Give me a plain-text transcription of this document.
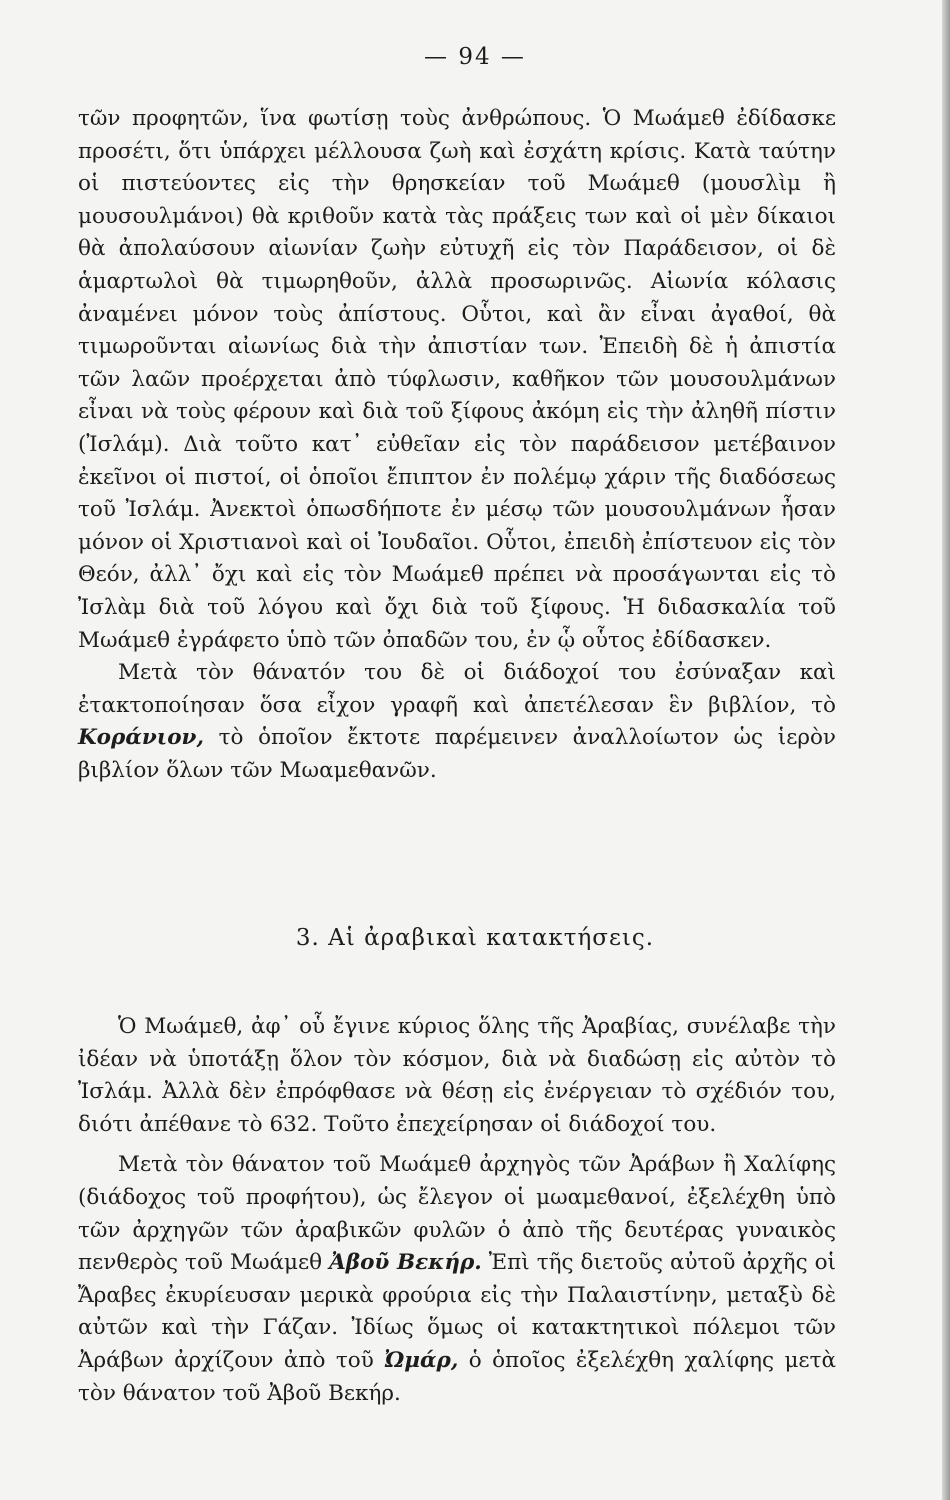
— 94 —

τῶν προφητῶν, ἵνα φωτίσῃ τοὺς ἀνθρώπους. Ὁ Μωάμεθ ἐδίδασκε προσέτι, ὅτι ὑπάρχει μέλλουσα ζωὴ καὶ ἐσχάτη κρίσις. Κατὰ ταύτην οἱ πιστεύοντες εἰς τὴν θρησκείαν τοῦ Μωάμεθ (μουσλὶμ ἢ μουσουλμάνοι) θὰ κριθοῦν κατὰ τὰς πράξεις των καὶ οἱ μὲν δίκαιοι θὰ ἀπολαύσουν αἰωνίαν ζωὴν εὐτυχῆ εἰς τὸν Παράδεισον, οἱ δὲ ἁμαρτωλοὶ θὰ τιμωρηθοῦν, ἀλλὰ προσωρινῶς. Αἰωνία κόλασις ἀναμένει μόνον τοὺς ἀπίστους. Οὗτοι, καὶ ἂν εἶναι ἀγαθοί, θὰ τιμωροῦνται αἰωνίως διὰ τὴν ἀπιστίαν των. Ἐπειδὴ δὲ ἡ ἀπιστία τῶν λαῶν προέρχεται ἀπὸ τύφλωσιν, καθῆκον τῶν μουσουλμάνων εἶναι νὰ τοὺς φέρουν καὶ διὰ τοῦ ξίφους ἀκόμη εἰς τὴν ἀληθῆ πίστιν (Ἰσλάμ). Διὰ τοῦτο κατ᾿ εὐθεῖαν εἰς τὸν παράδεισον μετέβαινον ἐκεῖνοι οἱ πιστοί, οἱ ὁποῖοι ἔπιπτον ἐν πολέμῳ χάριν τῆς διαδόσεως τοῦ Ἰσλάμ. Ἀνεκτοὶ ὁπωσδήποτε ἐν μέσῳ τῶν μουσουλμάνων ἦσαν μόνον οἱ Χριστιανοὶ καὶ οἱ Ἰουδαῖοι. Οὗτοι, ἐπειδὴ ἐπίστευον εἰς τὸν Θεόν, ἀλλ᾿ ὄχι καὶ εἰς τὸν Μωάμεθ πρέπει νὰ προσάγωνται εἰς τὸ Ἰσλὰμ διὰ τοῦ λόγου καὶ ὄχι διὰ τοῦ ξίφους. Ἡ διδασκαλία τοῦ Μωάμεθ ἐγράφετο ὑπὸ τῶν ὀπαδῶν του, ἐν ᾧ οὗτος ἐδίδασκεν.

Μετὰ τὸν θάνατόν του δὲ οἱ διάδοχοί του ἐσύναξαν καὶ ἐτακτοποίησαν ὅσα εἶχον γραφῆ καὶ ἀπετέλεσαν ἓν βιβλίον, τὸ Κοράνιον, τὸ ὁποῖον ἔκτοτε παρέμεινεν ἀναλλοίωτον ὡς ἱερὸν βιβλίον ὅλων τῶν Μωαμεθανῶν.

3. Αἱ ἀραβικαὶ κατακτήσεις.

Ὁ Μωάμεθ, ἀφ᾿ οὗ ἔγινε κύριος ὅλης τῆς Ἀραβίας, συνέλαβε τὴν ἰδέαν νὰ ὑποτάξῃ ὅλον τὸν κόσμον, διὰ νὰ διαδώσῃ εἰς αὐτὸν τὸ Ἰσλάμ. Ἀλλὰ δὲν ἐπρόφθασε νὰ θέσῃ εἰς ἐνέργειαν τὸ σχέδιόν του, διότι ἀπέθανε τὸ 632. Τοῦτο ἐπεχείρησαν οἱ διάδοχοί του.

Μετὰ τὸν θάνατον τοῦ Μωάμεθ ἀρχηγὸς τῶν Ἀράβων ἢ Χαλίφης (διάδοχος τοῦ προφήτου), ὡς ἔλεγον οἱ μωαμεθανοί, ἐξελέχθη ὑπὸ τῶν ἀρχηγῶν τῶν ἀραβικῶν φυλῶν ὁ ἀπὸ τῆς δευτέρας γυναικὸς πενθερὸς τοῦ Μωάμεθ Ἀβοῦ Βεκήρ. Ἐπὶ τῆς διετοῦς αὐτοῦ ἀρχῆς οἱ Ἄραβες ἐκυρίευσαν μερικὰ φρούρια εἰς τὴν Παλαιστίνην, μεταξὺ δὲ αὐτῶν καὶ τὴν Γάζαν. Ἰδίως ὅμως οἱ κατακτητικοὶ πόλεμοι τῶν Ἀράβων ἀρχίζουν ἀπὸ τοῦ Ὠμάρ, ὁ ὁποῖος ἐξελέχθη χαλίφης μετὰ τὸν θάνατον τοῦ Ἀβοῦ Βεκήρ.
